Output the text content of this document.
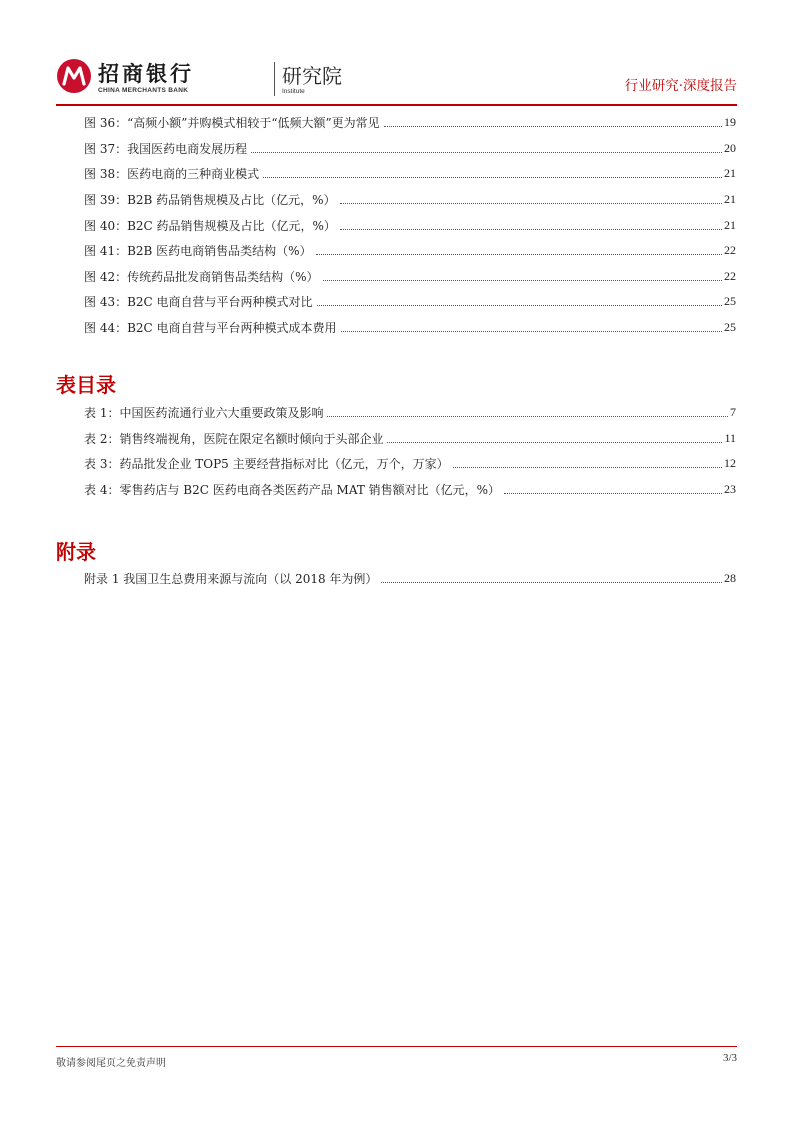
招商银行
CHINA MERCHANTS BANK
研究院
Institute	行业研究·深度报告
图 36：“高频小额”并购模式相较于“低频大额”更为常见	19
图 37：我国医药电商发展历程	20
图 38：医药电商的三种商业模式	21
图 39：B2B 药品销售规模及占比（亿元，%）	21
图 40：B2C 药品销售规模及占比（亿元，%）	21
图 41：B2B 医药电商销售品类结构（%）	22
图 42：传统药品批发商销售品类结构（%）	22
图 43：B2C 电商自营与平台两种模式对比	25
图 44：B2C 电商自营与平台两种模式成本费用	25
表目录
表 1：中国医药流通行业六大重要政策及影响	7
表 2：销售终端视角，医院在限定名额时倾向于头部企业	11
表 3：药品批发企业 TOP5 主要经营指标对比（亿元，万个，万家）	12
表 4：零售药店与 B2C 医药电商各类医药产品 MAT 销售额对比（亿元，%）	23
附录
附录 1 我国卫生总费用来源与流向（以 2018 年为例）	28
敬请参阅尾页之免责声明	3/3
